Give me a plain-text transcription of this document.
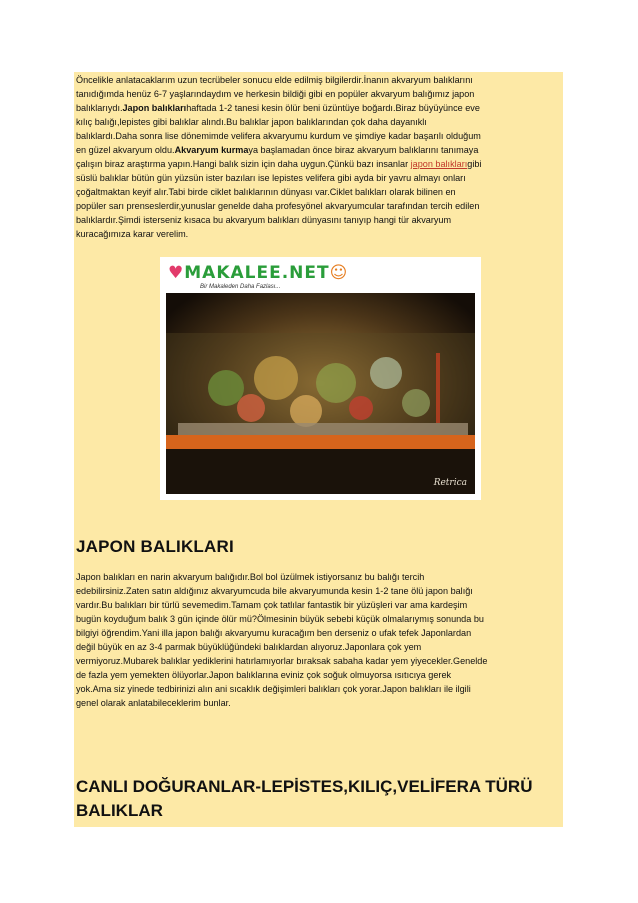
Öncelikle anlatacaklarım uzun tecrübeler sonucu elde edilmiş bilgilerdir.İnanın akvaryum balıklarını

tanıdığımda henüz 6-7 yaşlarındaydım ve herkesin bildiği gibi en popüler akvaryum balığımız japon

balıklarıydı.Japon balıklarıhaftada 1-2 tanesi kesin ölür beni üzüntüye boğardı.Biraz büyüyünce eve

kılıç balığı,lepistes gibi balıklar alındı.Bu balıklar japon balıklarından çok daha dayanıklı

balıklardı.Daha sonra lise dönemimde velifera akvaryumu kurdum ve şimdiye kadar başarılı olduğum

en güzel akvaryum oldu.Akvaryum kurmaya başlamadan önce biraz akvaryum balıklarını tanımaya

çalışın biraz araştırma yapın.Hangi balık sizin için daha uygun.Çünkü bazı insanlar japon balıklarıgibi

süslü balıklar bütün gün yüzsün ister bazıları ise lepistes velifera gibi ayda bir yavru almayı onları

çoğaltmaktan keyif alır.Tabi birde ciklet balıklarının dünyası var.Ciklet balıkları olarak bilinen en

popüler sarı prenseslerdir,yunuslar genelde daha profesyönel akvaryumcular tarafından tercih edilen

balıklardır.Şimdi isterseniz kısaca bu akvaryum balıkları dünyasını tanıyıp hangi tür akvaryum

kuracağımıza karar verelim.

♥MAKALEE.NET☺
Bir Makaleden Daha Fazlası...
Retrica
JAPON BALIKLARI

Japon balıkları en narin akvaryum balığıdır.Bol bol üzülmek istiyorsanız bu balığı tercih

edebilirsiniz.Zaten satın aldığınız akvaryumcuda bile akvaryumunda kesin 1-2 tane ölü japon balığı

vardır.Bu balıkları bir türlü sevemedim.Tamam çok tatlılar fantastik bir yüzüşleri var ama kardeşim

bugün koyduğum balık 3 gün içinde ölür mü?Ölmesinin büyük sebebi küçük olmalarıymış sonunda bu

bilgiyi öğrendim.Yani illa japon balığı akvaryumu kuracağım ben derseniz o ufak tefek Japonlardan

değil büyük en az 3-4 parmak büyüklüğündeki balıklardan alıyoruz.Japonlara çok yem

vermiyoruz.Mubarek balıklar yediklerini hatırlamıyorlar bıraksak sabaha kadar yem yiyecekler.Genelde

de fazla yem yemekten ölüyorlar.Japon balıklarına eviniz çok soğuk olmuyorsa ısıtıcıya gerek

yok.Ama siz yinede tedbirinizi alın ani sıcaklık değişimleri balıkları çok yorar.Japon balıkları ile ilgili

genel olarak anlatabileceklerim bunlar.

CANLI DOĞURANLAR-LEPİSTES,KILIÇ,VELİFERA TÜRÜ BALIKLAR
